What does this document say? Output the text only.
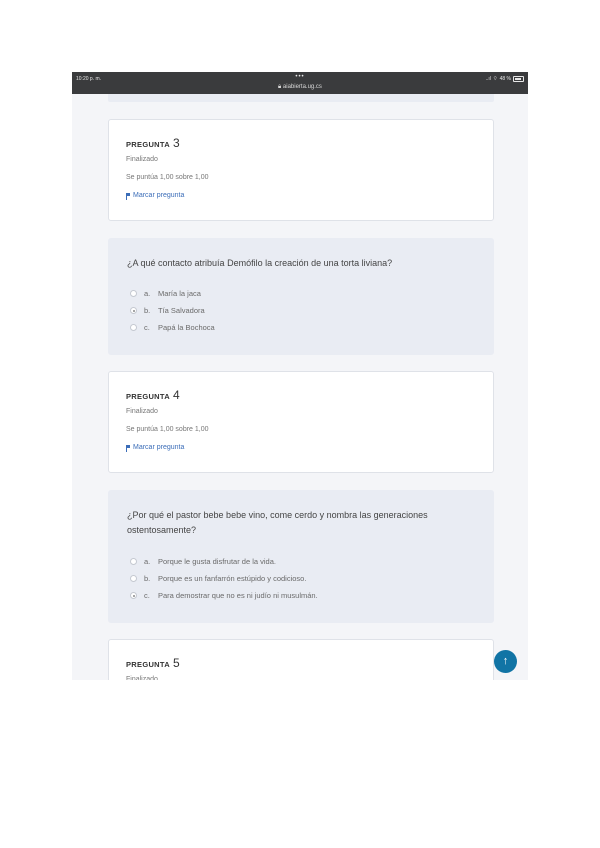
10:20 p. m.	•••
🔒︎ aiabierta.ug.cs
..ıl ⌔ 48 %
PREGUNTA 3
Finalizado
Se puntúa 1,00 sobre 1,00
Marcar pregunta
¿A qué contacto atribuía Demófilo la creación de una torta liviana?
a.	María la jaca
b.	Tía Salvadora
c.	Papá la Bochoca
PREGUNTA 4
Finalizado
Se puntúa 1,00 sobre 1,00
Marcar pregunta
¿Por qué el pastor bebe bebe vino, come cerdo y nombra las generaciones ostentosamente?
a.	Porque le gusta disfrutar de la vida.
b.	Porque es un fanfarrón estúpido y codicioso.
c.	Para demostrar que no es ni judío ni musulmán.
PREGUNTA 5
Finalizado
↑
